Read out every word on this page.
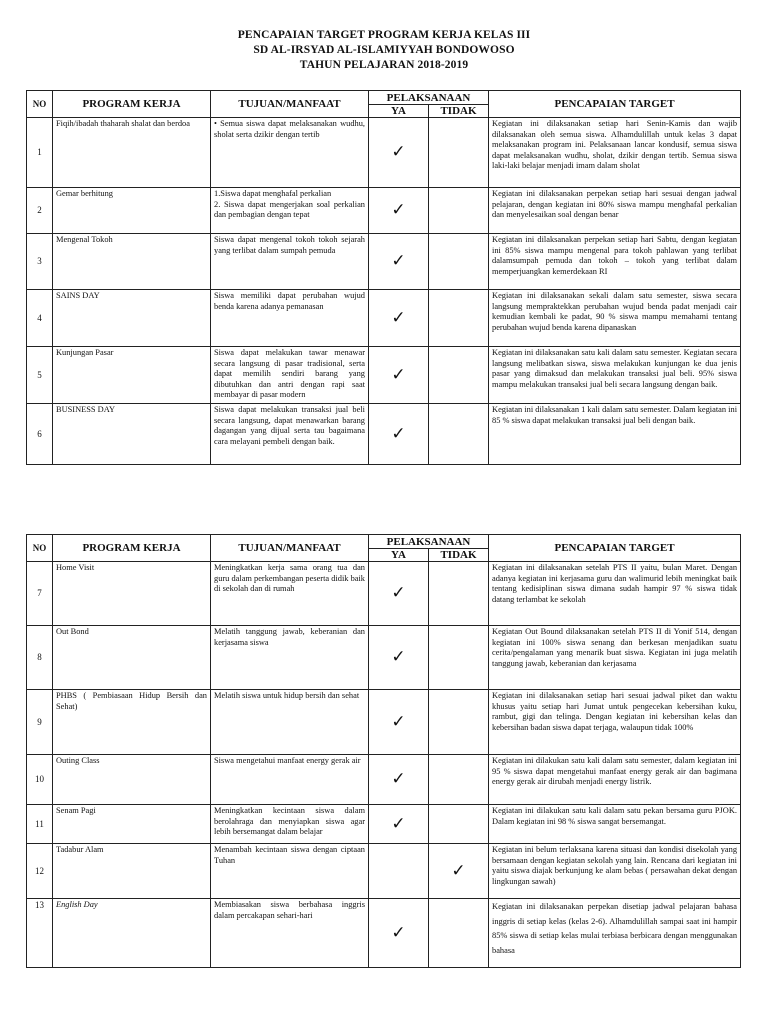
PENCAPAIAN TARGET PROGRAM KERJA KELAS III
SD AL-IRSYAD AL-ISLAMIYYAH BONDOWOSO
TAHUN PELAJARAN 2018-2019
NO	PROGRAM KERJA	TUJUAN/MANFAAT	PELAKSANAAN		PENCAPAIAN TARGET
			YA	TIDAK	
1	Fiqih/ibadah thaharah shalat dan berdoa	• Semua siswa dapat melaksanakan wudhu, sholat serta dzikir dengan tertib	✓		Kegiatan ini dilaksanakan setiap hari Senin-Kamis dan wajib dilaksanakan oleh semua siswa. Alhamdulillah untuk kelas 3 dapat melaksanakan program ini. Pelaksanaan lancar kondusif, semua siswa dapat melaksanakan wudhu, sholat, dzikir dengan tertib. Semua siswa laki-laki belajar menjadi imam dalam sholat
2	Gemar berhitung	1.Siswa dapat menghafal perkalian
2. Siswa dapat mengerjakan soal perkalian dan pembagian dengan tepat	✓		Kegiatan ini dilaksanakan perpekan setiap hari sesuai dengan jadwal pelajaran, dengan kegiatan ini 80% siswa mampu menghafal perkalian dan menyelesaikan soal dengan benar
3	Mengenal Tokoh	Siswa dapat mengenal tokoh tokoh sejarah yang terlibat dalam sumpah pemuda	✓		Kegiatan ini dilaksanakan perpekan setiap hari Sabtu, dengan kegiatan ini 85% siswa mampu mengenal para tokoh pahlawan yang terlibat dalamsumpah pemuda dan tokoh – tokoh yang terlibat dalam memperjuangkan kemerdekaan RI
4	SAINS DAY	Siswa memiliki dapat perubahan wujud benda karena adanya pemanasan	✓		Kegiatan ini dilaksanakan sekali dalam satu semester, siswa secara langsung mempraktekkan perubahan wujud benda padat menjadi cair kemudian kembali ke padat, 90 % siswa mampu memahami tentang perubahan wujud benda karena dipanaskan
5	Kunjungan Pasar	Siswa dapat melakukan tawar menawar secara langsung di pasar tradisional, serta dapat memilih sendiri barang yang dibutuhkan dan antri dengan rapi saat membayar di pasar modern	✓		Kegiatan ini dilaksanakan satu kali dalam satu semester. Kegiatan secara langsung melibatkan siswa, siswa melakukan kunjungan ke dua jenis pasar yang dimaksud dan melakukan transaksi jual beli. 95% siswa mampu melakukan transaksi jual beli secara langsung dengan baik.
6	BUSINESS DAY	Siswa dapat melakukan transaksi jual beli secara langsung, dapat menawarkan barang dagangan yang dijual serta tau bagaimana cara melayani pembeli dengan baik.	✓		Kegiatan ini dilaksanakan 1 kali dalam satu semester. Dalam kegiatan ini 85 % siswa dapat melakukan transaksi jual beli dengan baik.
NO	PROGRAM KERJA	TUJUAN/MANFAAT	PELAKSANAAN		PENCAPAIAN TARGET
			YA	TIDAK	
7	Home Visit	Meningkatkan kerja sama orang tua dan guru dalam perkembangan peserta didik baik di sekolah dan di rumah	✓		Kegiatan ini dilaksanakan setelah PTS II yaitu, bulan Maret. Dengan adanya kegiatan ini kerjasama guru dan walimurid lebih meningkat baik tentang kedisiplinan siswa dimana sudah hampir 97 % siswa tidak datang terlambat ke sekolah
8	Out Bond	Melatih tanggung jawab, keberanian dan kerjasama siswa	✓		Kegiatan Out Bound dilaksanakan setelah PTS II di Yonif 514, dengan kegiatan ini 100% siswa senang dan berkesan menjadikan suatu cerita/pengalaman yang menarik buat siswa. Kegiatan ini juga melatih tanggung jawab, keberanian dan kerjasama
9	PHBS ( Pembiasaan Hidup Bersih dan Sehat)	Melatih siswa untuk hidup bersih dan sehat	✓		Kegiatan ini dilaksanakan setiap hari sesuai jadwal piket dan waktu khusus yaitu setiap hari Jumat untuk pengecekan kebersihan kuku, rambut, gigi dan telinga. Dengan kegiatan ini kebersihan kelas dan kebersihan badan siswa dapat terjaga, walaupun tidak 100%
10	Outing Class	Siswa mengetahui manfaat energy gerak air	✓		Kegiatan ini dilakukan satu kali dalam satu semester, dalam kegiatan ini 95 % siswa dapat mengetahui manfaat energy gerak air dan bagimana energy gerak air dirubah menjadi energy listrik.
11	Senam Pagi	Meningkatkan kecintaan siswa dalam berolahraga dan menyiapkan siswa agar lebih bersemangat dalam belajar	✓		Kegiatan ini dilakukan satu kali dalam satu pekan bersama guru PJOK. Dalam kegiatan ini 98 % siswa sangat bersemangat.
12	Tadabur Alam	Menambah kecintaan siswa dengan ciptaan Tuhan		✓	Kegiatan ini belum terlaksana karena situasi dan kondisi disekolah yang bersamaan dengan kegiatan sekolah yang lain. Rencana dari kegiatan ini yaitu siswa diajak berkunjung ke alam bebas ( persawahan dekat dengan lingkungan sawah)
13	English Day	Membiasakan siswa berbahasa inggris dalam percakapan sehari-hari	✓		Kegiatan ini dilaksanakan perpekan disetiap jadwal pelajaran bahasa inggris di setiap kelas (kelas 2-6). Alhamdulillah sampai saat ini hampir 85% siswa di setiap kelas mulai terbiasa berbicara dengan menggunakan bahasa
